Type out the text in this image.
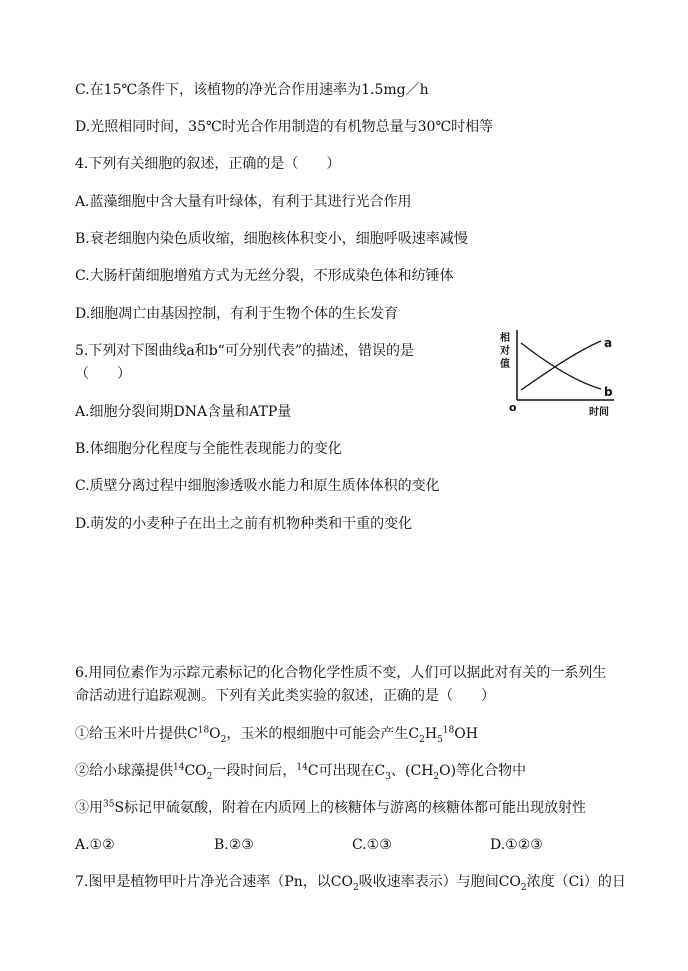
C.在15℃条件下，该植物的净光合作用速率为1.5mg／h
D.光照相同时间，35℃时光合作用制造的有机物总量与30℃时相等
4.下列有关细胞的叙述，正确的是（　　）
A.蓝藻细胞中含大量有叶绿体，有利于其进行光合作用
B.衰老细胞内染色质收缩，细胞核体积变小，细胞呼吸速率减慢
C.大肠杆菌细胞增殖方式为无丝分裂，不形成染色体和纺锤体
D.细胞凋亡由基因控制，有利于生物个体的生长发育
5.下列对下图曲线a和b“可分别代表”的描述，错误的是
（　　）
A.细胞分裂间期DNA含量和ATP量
B.体细胞分化程度与全能性表现能力的变化
C.质壁分离过程中细胞渗透吸水能力和原生质体体积的变化
D.萌发的小麦种子在出土之前有机物种类和干重的变化
6.用同位素作为示踪元素标记的化合物化学性质不变，人们可以据此对有关的一系列生
命活动进行追踪观测。下列有关此类实验的叙述，正确的是（　　）
①给玉米叶片提供$C^{18}O_2$，玉米的根细胞中可能会产生$C_2H_5^{18}OH$
②给小球藻提供$^{14}CO_2$一段时间后，$^{14}$C可出现在$C_3$、$(CH_2O)$等化合物中
③用$^{35}$S标记甲硫氨酸，附着在内质网上的核糖体与游离的核糖体都可能出现放射性
A.①②	B.②③	C.①③	D.①②③
7.图甲是植物甲叶片净光合速率（Pn，以$CO_2$吸收速率表示）与胞间$CO_2$浓度（Ci）的日
相
对
值
a
b
o	时间
